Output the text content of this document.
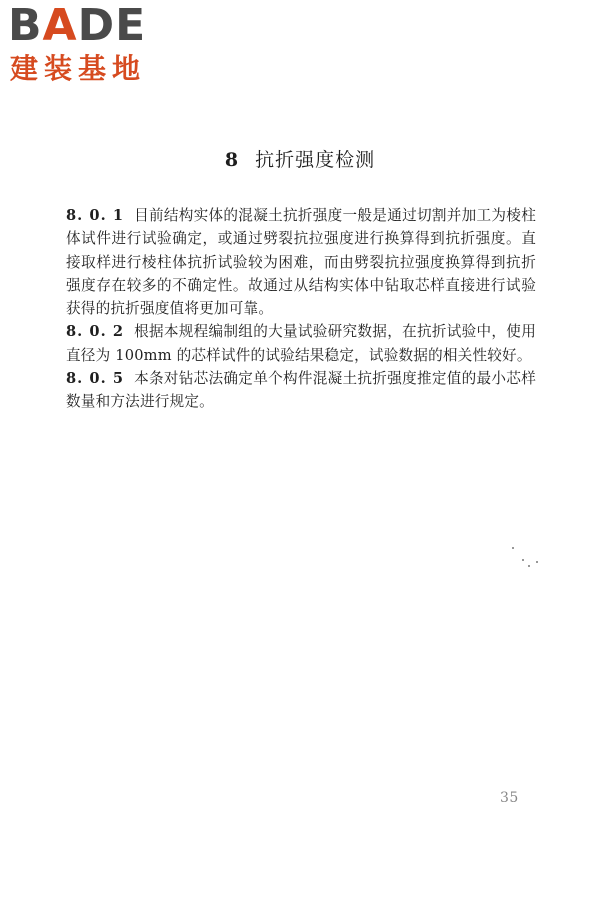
BADE
建装基地
8 抗折强度检测

8. 0. 1 目前结构实体的混凝土抗折强度一般是通过切割并加工为棱柱体试件进行试验确定，或通过劈裂抗拉强度进行换算得到抗折强度。直接取样进行棱柱体抗折试验较为困难，而由劈裂抗拉强度换算得到抗折强度存在较多的不确定性。故通过从结构实体中钻取芯样直接进行试验获得的抗折强度值将更加可靠。

8. 0. 2 根据本规程编制组的大量试验研究数据，在抗折试验中，使用直径为 100mm 的芯样试件的试验结果稳定，试验数据的相关性较好。

8. 0. 5 本条对钻芯法确定单个构件混凝土抗折强度推定值的最小芯样数量和方法进行规定。

35
